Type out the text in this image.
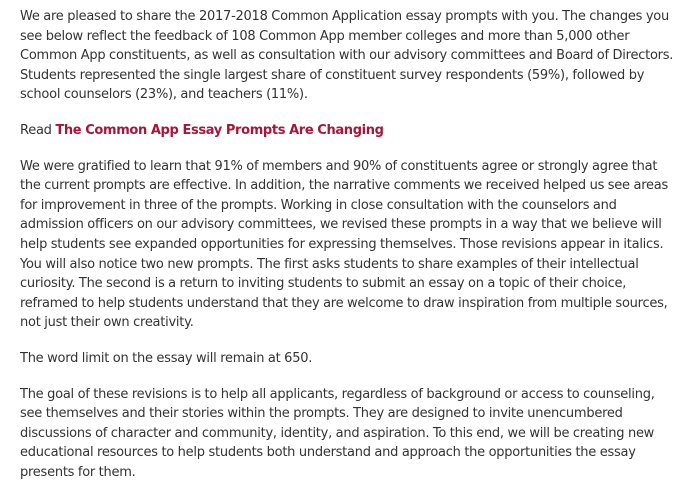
We are pleased to share the 2017-2018 Common Application essay prompts with you. The changes you see below reflect the feedback of 108 Common App member colleges and more than 5,000 other Common App constituents, as well as consultation with our advisory committees and Board of Directors. Students represented the single largest share of constituent survey respondents (59%), followed by school counselors (23%), and teachers (11%).

Read The Common App Essay Prompts Are Changing

We were gratified to learn that 91% of members and 90% of constituents agree or strongly agree that the current prompts are effective. In addition, the narrative comments we received helped us see areas for improvement in three of the prompts. Working in close consultation with the counselors and admission officers on our advisory committees, we revised these prompts in a way that we believe will help students see expanded opportunities for expressing themselves. Those revisions appear in italics. You will also notice two new prompts. The first asks students to share examples of their intellectual curiosity. The second is a return to inviting students to submit an essay on a topic of their choice, reframed to help students understand that they are welcome to draw inspiration from multiple sources, not just their own creativity.

The word limit on the essay will remain at 650.

The goal of these revisions is to help all applicants, regardless of background or access to counseling, see themselves and their stories within the prompts. They are designed to invite unencumbered discussions of character and community, identity, and aspiration. To this end, we will be creating new educational resources to help students both understand and approach the opportunities the essay presents for them.
